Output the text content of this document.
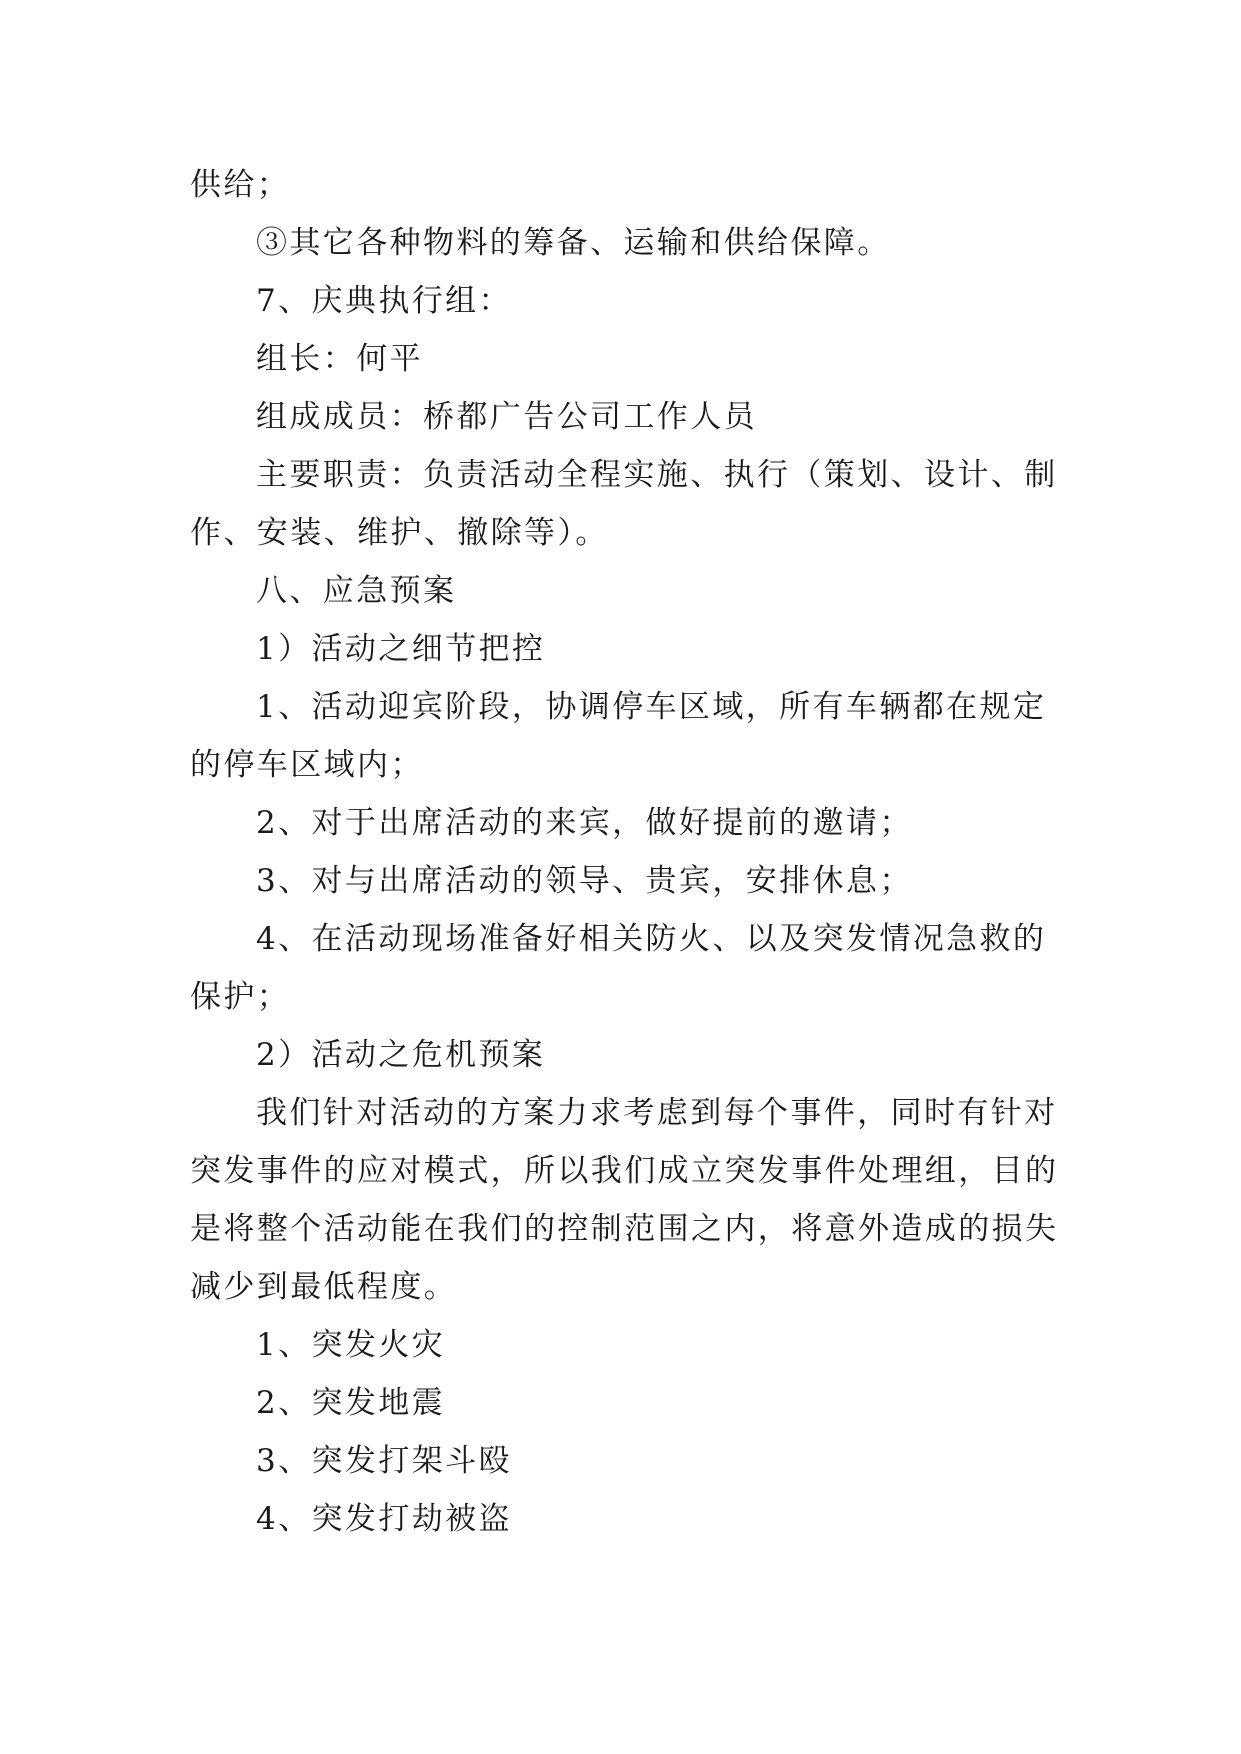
供给；
③其它各种物料的筹备、运输和供给保障。
7、庆典执行组：
组长：何平
组成成员：桥都广告公司工作人员
主要职责：负责活动全程实施、执行（策划、设计、制
作、安装、维护、撤除等）。
八、应急预案
1）活动之细节把控
1、活动迎宾阶段，协调停车区域，所有车辆都在规定
的停车区域内；
2、对于出席活动的来宾，做好提前的邀请；
3、对与出席活动的领导、贵宾，安排休息；
4、在活动现场准备好相关防火、以及突发情况急救的
保护；
2）活动之危机预案
我们针对活动的方案力求考虑到每个事件，同时有针对
突发事件的应对模式，所以我们成立突发事件处理组，目的
是将整个活动能在我们的控制范围之内，将意外造成的损失
减少到最低程度。
1、突发火灾
2、突发地震
3、突发打架斗殴
4、突发打劫被盗
